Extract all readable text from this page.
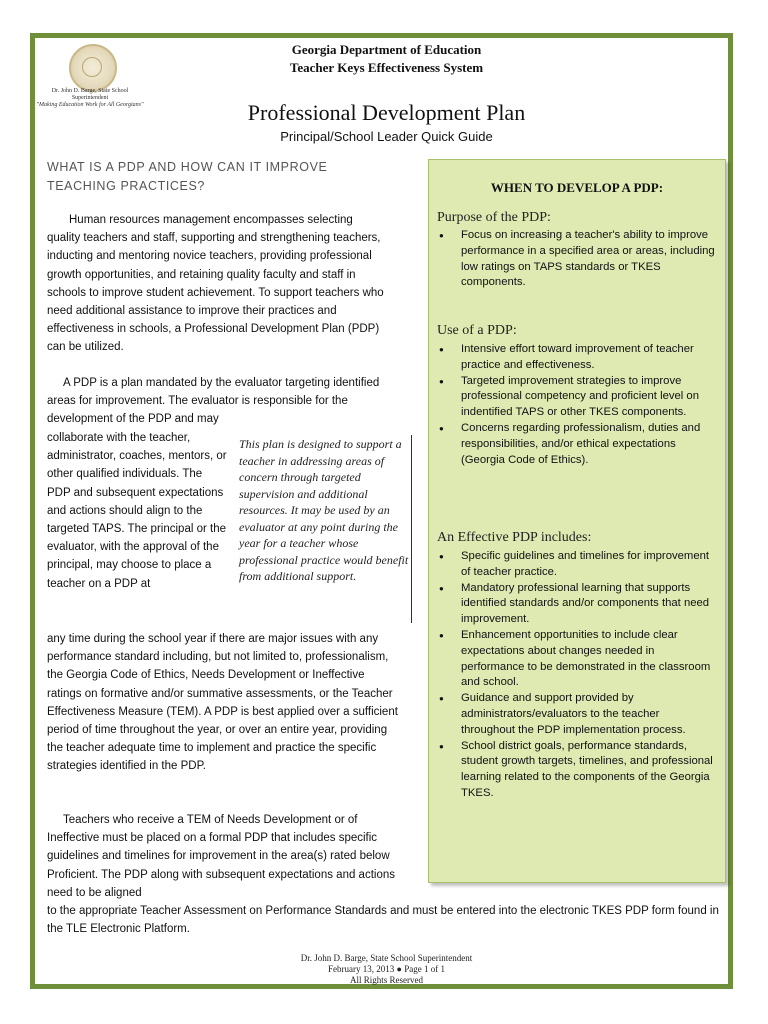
Dr. John D. Barge, State School Superintendent
"Making Education Work for All Georgians"
Georgia Department of Education
Teacher Keys Effectiveness System
Professional Development Plan
Principal/School Leader Quick Guide
WHAT IS A PDP AND HOW CAN IT IMPROVE TEACHING PRACTICES?
Human resources management encompasses selecting quality teachers and staff, supporting and strengthening teachers, inducting and mentoring novice teachers, providing professional growth opportunities, and retaining quality faculty and staff in schools to improve student achievement. To support teachers who need additional assistance to improve their practices and effectiveness in schools, a Professional Development Plan (PDP) can be utilized.
A PDP is a plan mandated by the evaluator targeting identified areas for improvement. The evaluator is responsible for the development of the PDP and may
collaborate with the teacher, administrator, coaches, mentors, or other qualified individuals. The PDP and subsequent expectations and actions should align to the targeted TAPS. The principal or the evaluator, with the approval of the principal, may choose to place a teacher on a PDP at
any time during the school year if there are major issues with any performance standard including, but not limited to, professionalism, the Georgia Code of Ethics, Needs Development or Ineffective ratings on formative and/or summative assessments, or the Teacher Effectiveness Measure (TEM). A PDP is best applied over a sufficient period of time throughout the year, or over an entire year, providing the teacher adequate time to implement and practice the specific strategies identified in the PDP.
Teachers who receive a TEM of Needs Development or of Ineffective must be placed on a formal PDP that includes specific guidelines and timelines for improvement in the area(s) rated below Proficient. The PDP along with subsequent expectations and actions need to be aligned
to the appropriate Teacher Assessment on Performance Standards and must be entered into the electronic TKES PDP form found in the TLE Electronic Platform.
This plan is designed to support a teacher in addressing areas of concern through targeted supervision and additional resources. It may be used by an evaluator at any point during the year for a teacher whose professional practice would benefit from additional support.
WHEN TO DEVELOP A PDP:
Purpose of the PDP:
● Focus on increasing a teacher's ability to improve performance in a specified area or areas, including low ratings on TAPS standards or TKES components.
Use of a PDP:
● Intensive effort toward improvement of teacher practice and effectiveness.
● Targeted improvement strategies to improve professional competency and proficient level on indentified TAPS or other TKES components.
● Concerns regarding professionalism, duties and responsibilities, and/or ethical expectations (Georgia Code of Ethics).
An Effective PDP includes:
● Specific guidelines and timelines for improvement of teacher practice.
● Mandatory professional learning that supports identified standards and/or components that need improvement.
● Enhancement opportunities to include clear expectations about changes needed in performance to be demonstrated in the classroom and school.
● Guidance and support provided by administrators/evaluators to the teacher throughout the PDP implementation process.
● School district goals, performance standards, student growth targets, timelines, and professional learning related to the components of the Georgia TKES.
Dr. John D. Barge, State School Superintendent
February 13, 2013 ● Page 1 of 1
All Rights Reserved
